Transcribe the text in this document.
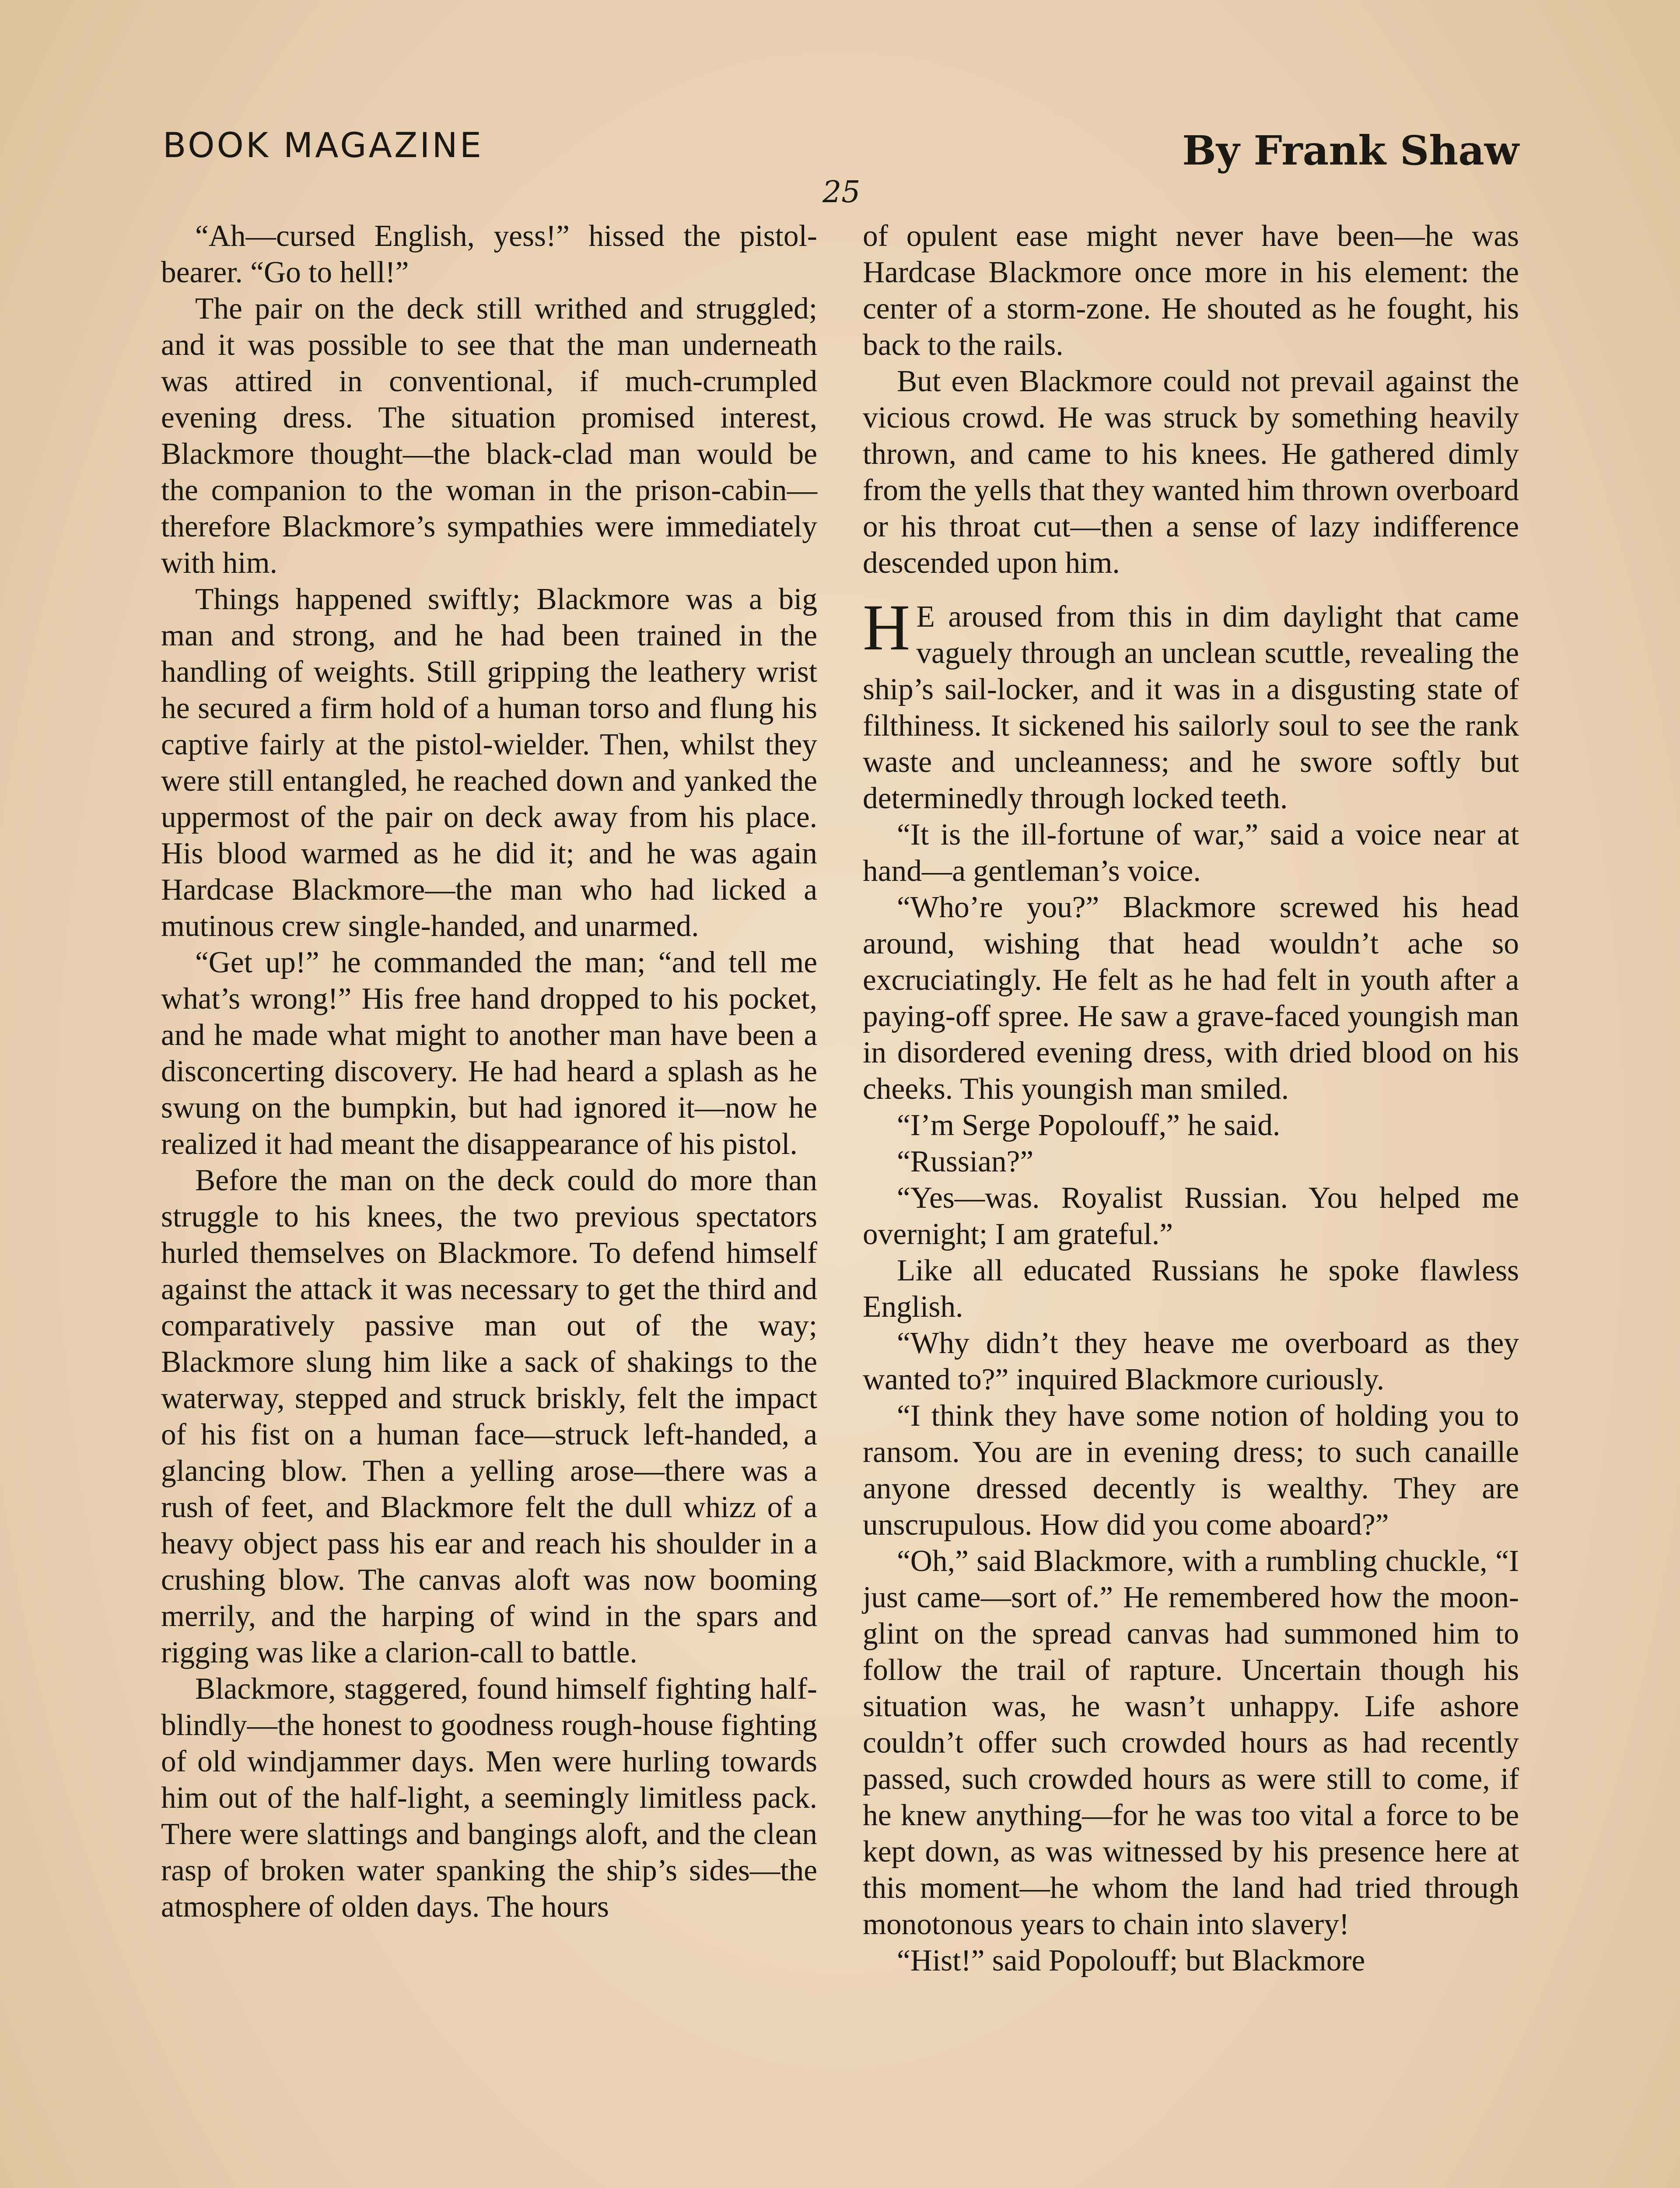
BOOK MAGAZINE	By Frank Shaw
25

“Ah—cursed English, yess!” hissed the pistol-bearer. “Go to hell!”

The pair on the deck still writhed and struggled; and it was possible to see that the man underneath was attired in conventional, if much-crumpled evening dress. The situation promised interest, Blackmore thought—the black-clad man would be the companion to the woman in the prison-cabin—therefore Blackmore’s sympathies were immediately with him.

Things happened swiftly; Blackmore was a big man and strong, and he had been trained in the handling of weights. Still gripping the leathery wrist he secured a firm hold of a human torso and flung his captive fairly at the pistol-wielder. Then, whilst they were still entangled, he reached down and yanked the uppermost of the pair on deck away from his place. His blood warmed as he did it; and he was again Hardcase Blackmore—the man who had licked a mutinous crew single-handed, and unarmed.

“Get up!” he commanded the man; “and tell me what’s wrong!” His free hand dropped to his pocket, and he made what might to another man have been a disconcerting discovery. He had heard a splash as he swung on the bumpkin, but had ignored it—now he realized it had meant the disappearance of his pistol.

Before the man on the deck could do more than struggle to his knees, the two previous spectators hurled themselves on Blackmore. To defend himself against the attack it was necessary to get the third and comparatively passive man out of the way; Blackmore slung him like a sack of shakings to the waterway, stepped and struck briskly, felt the impact of his fist on a human face—struck left-handed, a glancing blow. Then a yelling arose—there was a rush of feet, and Blackmore felt the dull whizz of a heavy object pass his ear and reach his shoulder in a crushing blow. The canvas aloft was now booming merrily, and the harping of wind in the spars and rigging was like a clarion-call to battle.

Blackmore, staggered, found himself fighting half-blindly—the honest to goodness rough-house fighting of old windjammer days. Men were hurling towards him out of the half-light, a seemingly limitless pack. There were slattings and bangings aloft, and the clean rasp of broken water spanking the ship’s sides—the atmosphere of olden days. The hours

of opulent ease might never have been—he was Hardcase Blackmore once more in his element: the center of a storm-zone. He shouted as he fought, his back to the rails.

But even Blackmore could not prevail against the vicious crowd. He was struck by something heavily thrown, and came to his knees. He gathered dimly from the yells that they wanted him thrown overboard or his throat cut—then a sense of lazy indifference descended upon him.

H E aroused from this in dim daylight that came vaguely through an unclean scuttle, revealing the ship’s sail-locker, and it was in a disgusting state of filthiness. It sickened his sailorly soul to see the rank waste and uncleanness; and he swore softly but determinedly through locked teeth.

“It is the ill-fortune of war,” said a voice near at hand—a gentleman’s voice.

“Who’re you?” Blackmore screwed his head around, wishing that head wouldn’t ache so excruciatingly. He felt as he had felt in youth after a paying-off spree. He saw a grave-faced youngish man in disordered evening dress, with dried blood on his cheeks. This youngish man smiled.

“I’m Serge Popolouff,” he said.

“Russian?”

“Yes—was. Royalist Russian. You helped me overnight; I am grateful.”

Like all educated Russians he spoke flawless English.

“Why didn’t they heave me overboard as they wanted to?” inquired Blackmore curiously.

“I think they have some notion of holding you to ransom. You are in evening dress; to such canaille anyone dressed decently is wealthy. They are unscrupulous. How did you come aboard?”

“Oh,” said Blackmore, with a rumbling chuckle, “I just came—sort of.” He remembered how the moon-glint on the spread canvas had summoned him to follow the trail of rapture. Uncertain though his situation was, he wasn’t unhappy. Life ashore couldn’t offer such crowded hours as had recently passed, such crowded hours as were still to come, if he knew anything—for he was too vital a force to be kept down, as was witnessed by his presence here at this moment—he whom the land had tried through monotonous years to chain into slavery!

“Hist!” said Popolouff; but Blackmore
